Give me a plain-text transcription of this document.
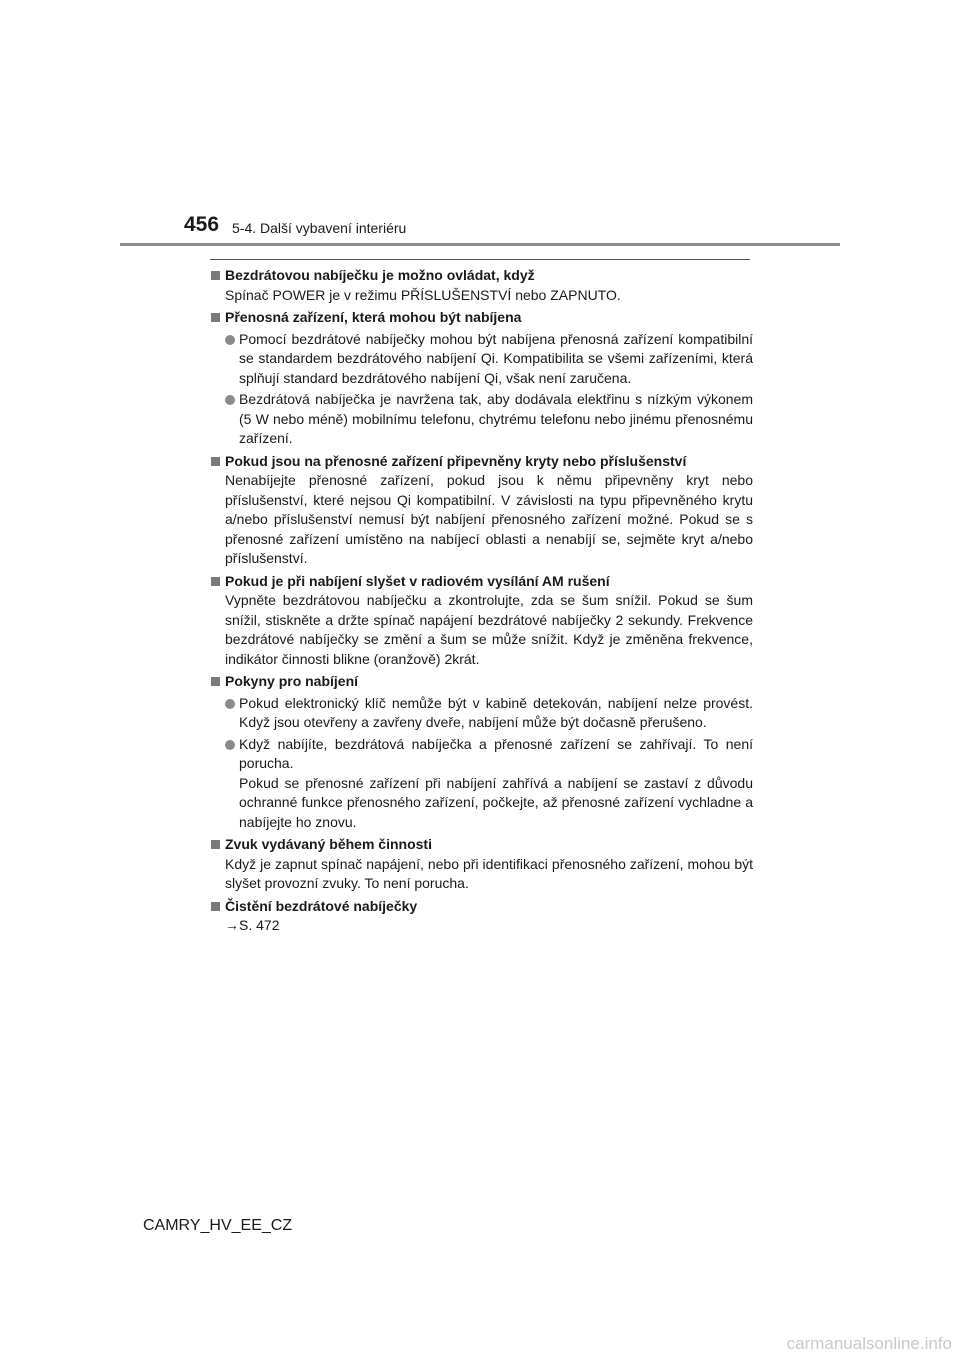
456 5-4. Další vybavení interiéru
Bezdrátovou nabíječku je možno ovládat, když
Spínač POWER je v režimu PŘÍSLUŠENSTVÍ nebo ZAPNUTO.
Přenosná zařízení, která mohou být nabíjena
Pomocí bezdrátové nabíječky mohou být nabíjena přenosná zařízení kompatibilní se standardem bezdrátového nabíjení Qi. Kompatibilita se všemi zařízeními, která splňují standard bezdrátového nabíjení Qi, však není zaručena.
Bezdrátová nabíječka je navržena tak, aby dodávala elektřinu s nízkým výkonem (5 W nebo méně) mobilnímu telefonu, chytrému telefonu nebo jinému přenosnému zařízení.
Pokud jsou na přenosné zařízení připevněny kryty nebo příslušenství
Nenabíjejte přenosné zařízení, pokud jsou k němu připevněny kryt nebo příslušenství, které nejsou Qi kompatibilní. V závislosti na typu připevněného krytu a/nebo příslušenství nemusí být nabíjení přenosného zařízení možné. Pokud se s přenosné zařízení umístěno na nabíjecí oblasti a nenabíjí se, sejměte kryt a/nebo příslušenství.
Pokud je při nabíjení slyšet v radiovém vysílání AM rušení
Vypněte bezdrátovou nabíječku a zkontrolujte, zda se šum snížil. Pokud se šum snížil, stiskněte a držte spínač napájení bezdrátové nabíječky 2 sekundy. Frekvence bezdrátové nabíječky se změní a šum se může snížit. Když je změněna frekvence, indikátor činnosti blikne (oranžově) 2krát.
Pokyny pro nabíjení
Pokud elektronický klíč nemůže být v kabině detekován, nabíjení nelze provést. Když jsou otevřeny a zavřeny dveře, nabíjení může být dočasně přerušeno.
Když nabíjíte, bezdrátová nabíječka a přenosné zařízení se zahřívají. To není porucha.
Pokud se přenosné zařízení při nabíjení zahřívá a nabíjení se zastaví z důvodu ochranné funkce přenosného zařízení, počkejte, až přenosné zařízení vychladne a nabíjejte ho znovu.
Zvuk vydávaný během činnosti
Když je zapnut spínač napájení, nebo při identifikaci přenosného zařízení, mohou být slyšet provozní zvuky. To není porucha.
Čistění bezdrátové nabíječky
→S. 472
CAMRY_HV_EE_CZ
carmanualsonline.info
